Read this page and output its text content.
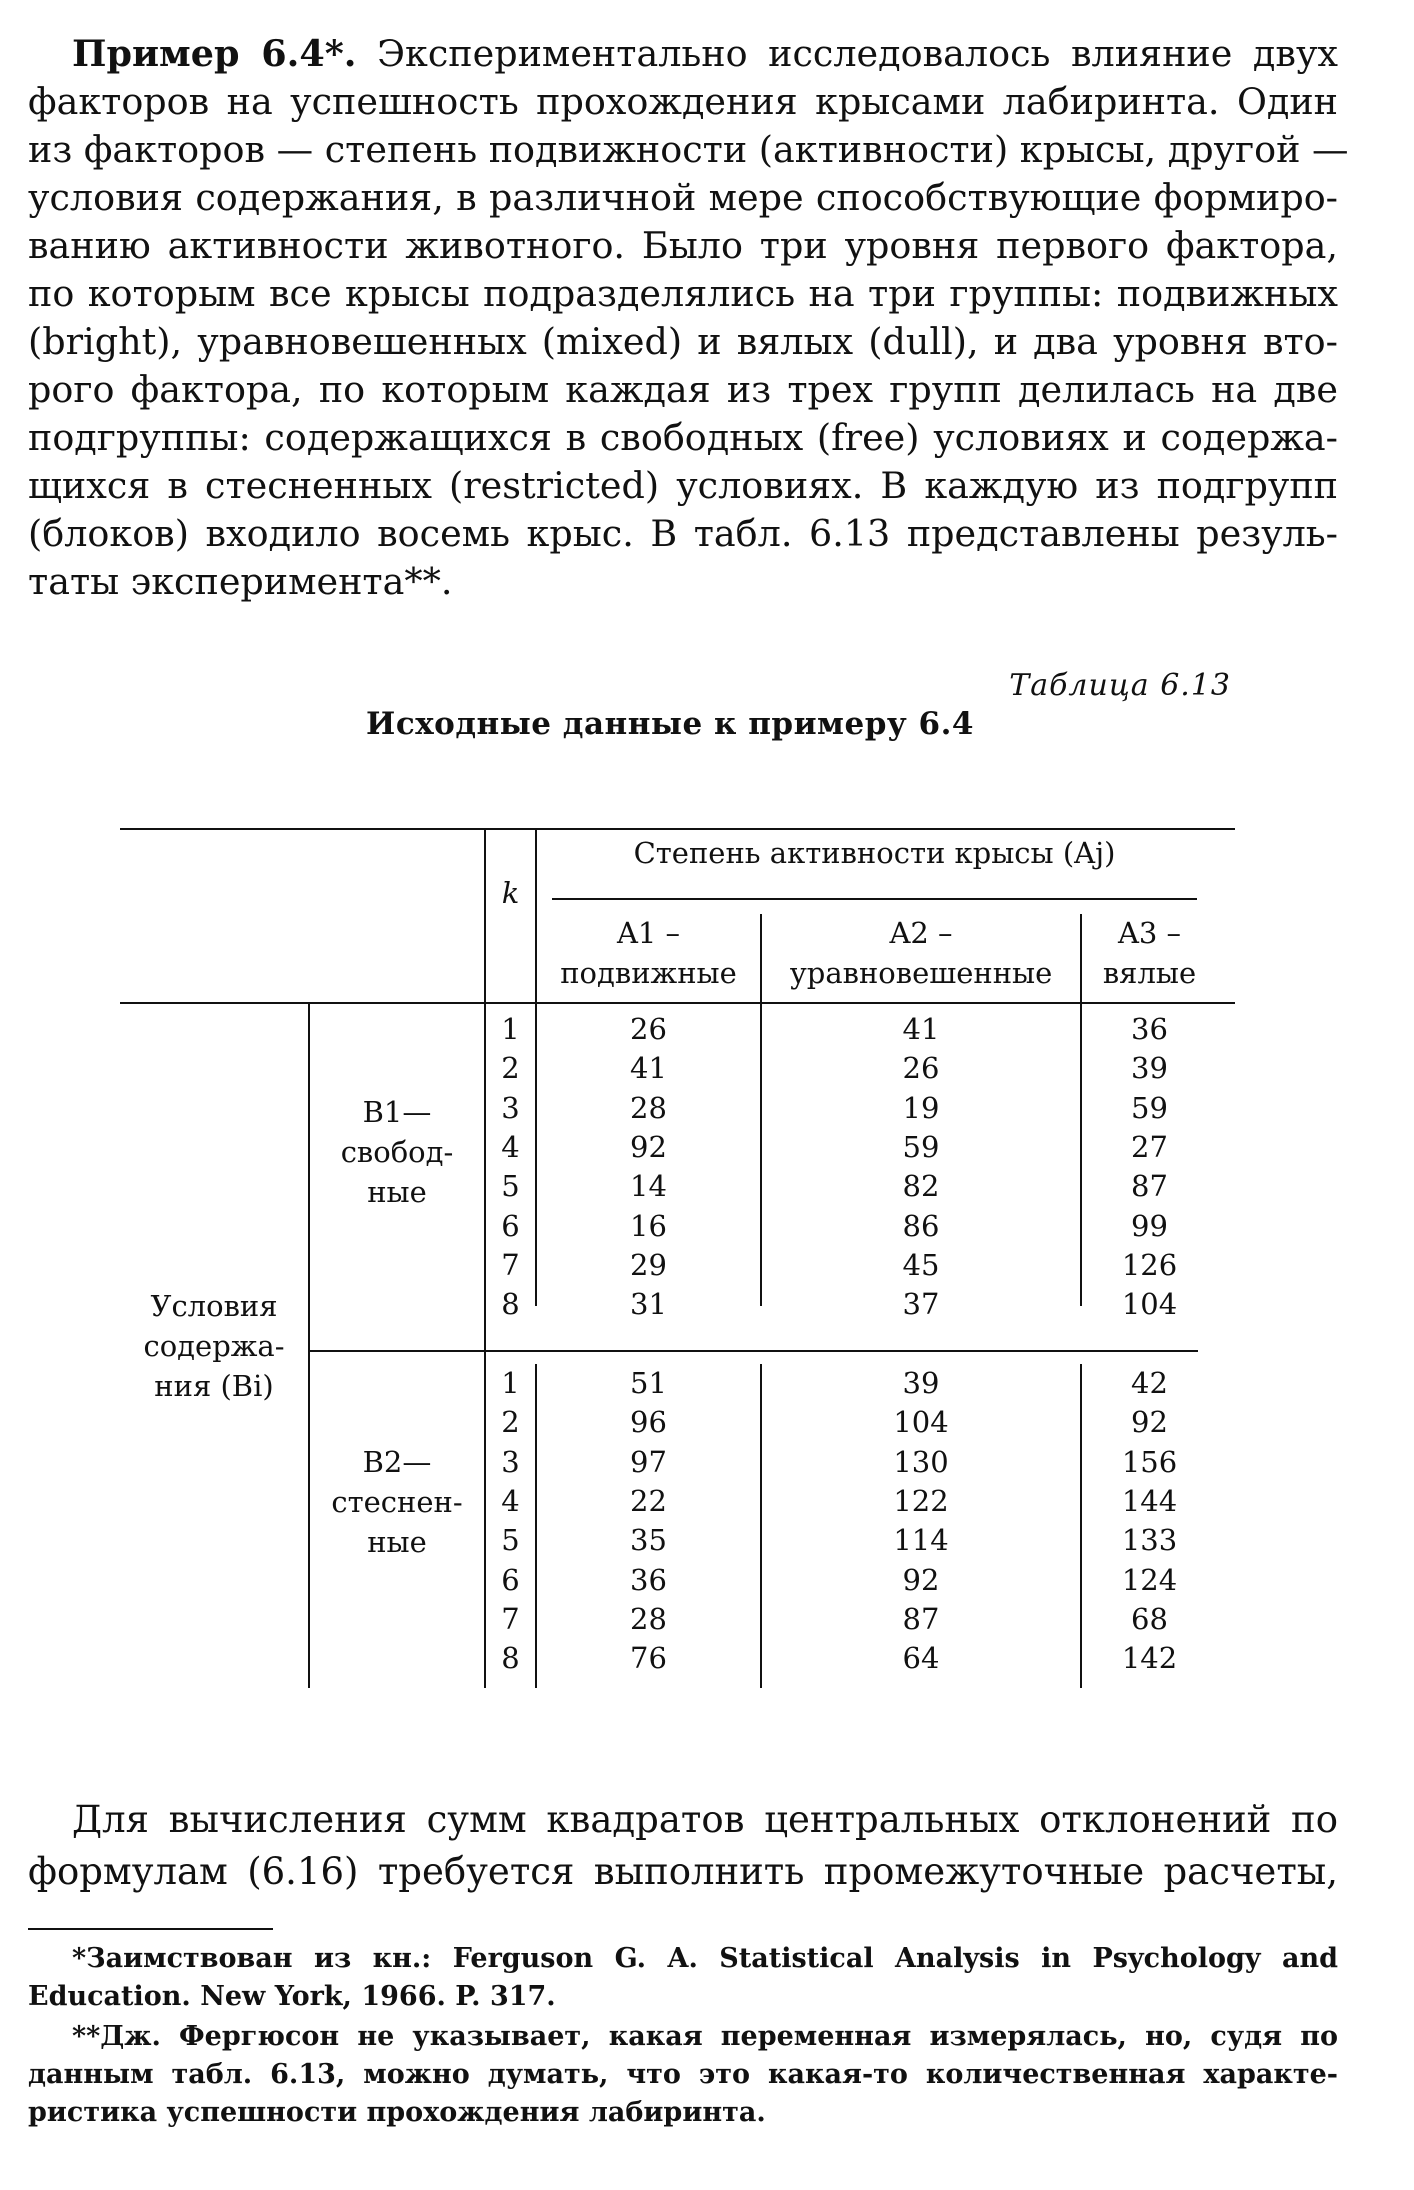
Пример 6.4*. Экспериментально исследовалось влияние двух
факторов на успешность прохождения крысами лабиринта. Один
из факторов — степень подвижности (активности) крысы, другой —
условия содержания, в различной мере способствующие формиро-
ванию активности животного. Было три уровня первого фактора,
по которым все крысы подразделялись на три группы: подвижных
(bright), уравновешенных (mixed) и вялых (dull), и два уровня вто-
рого фактора, по которым каждая из трех групп делилась на две
подгруппы: содержащихся в свободных (free) условиях и содержа-
щихся в стесненных (restricted) условиях. В каждую из подгрупп
(блоков) входило восемь крыс. В табл. 6.13 представлены резуль-
таты эксперимента**.
Таблица 6.13
Исходные данные к примеру 6.4
k
Степень активности крысы (Aj)
A1 –
подвижные
A2 –
уравновешенные
A3 –
вялые
Условия
содержа-
ния (Bi)
B1—
свобод-
ные
B2—
стеснен-
ные
1	26	41	36
2	41	26	39
3	28	19	59
4	92	59	27
5	14	82	87
6	16	86	99
7	29	45	126
8	31	37	104
1	51	39	42
2	96	104	92
3	97	130	156
4	22	122	144
5	35	114	133
6	36	92	124
7	28	87	68
8	76	64	142
Для вычисления сумм квадратов центральных отклонений по
формулам (6.16) требуется выполнить промежуточные расчеты,
*Заимствован из кн.: Ferguson G. A. Statistical Analysis in Psychology and
Education. New York, 1966. P. 317.
**Дж. Фергюсон не указывает, какая переменная измерялась, но, судя по
данным табл. 6.13, можно думать, что это какая-то количественная характе-
ристика успешности прохождения лабиринта.
